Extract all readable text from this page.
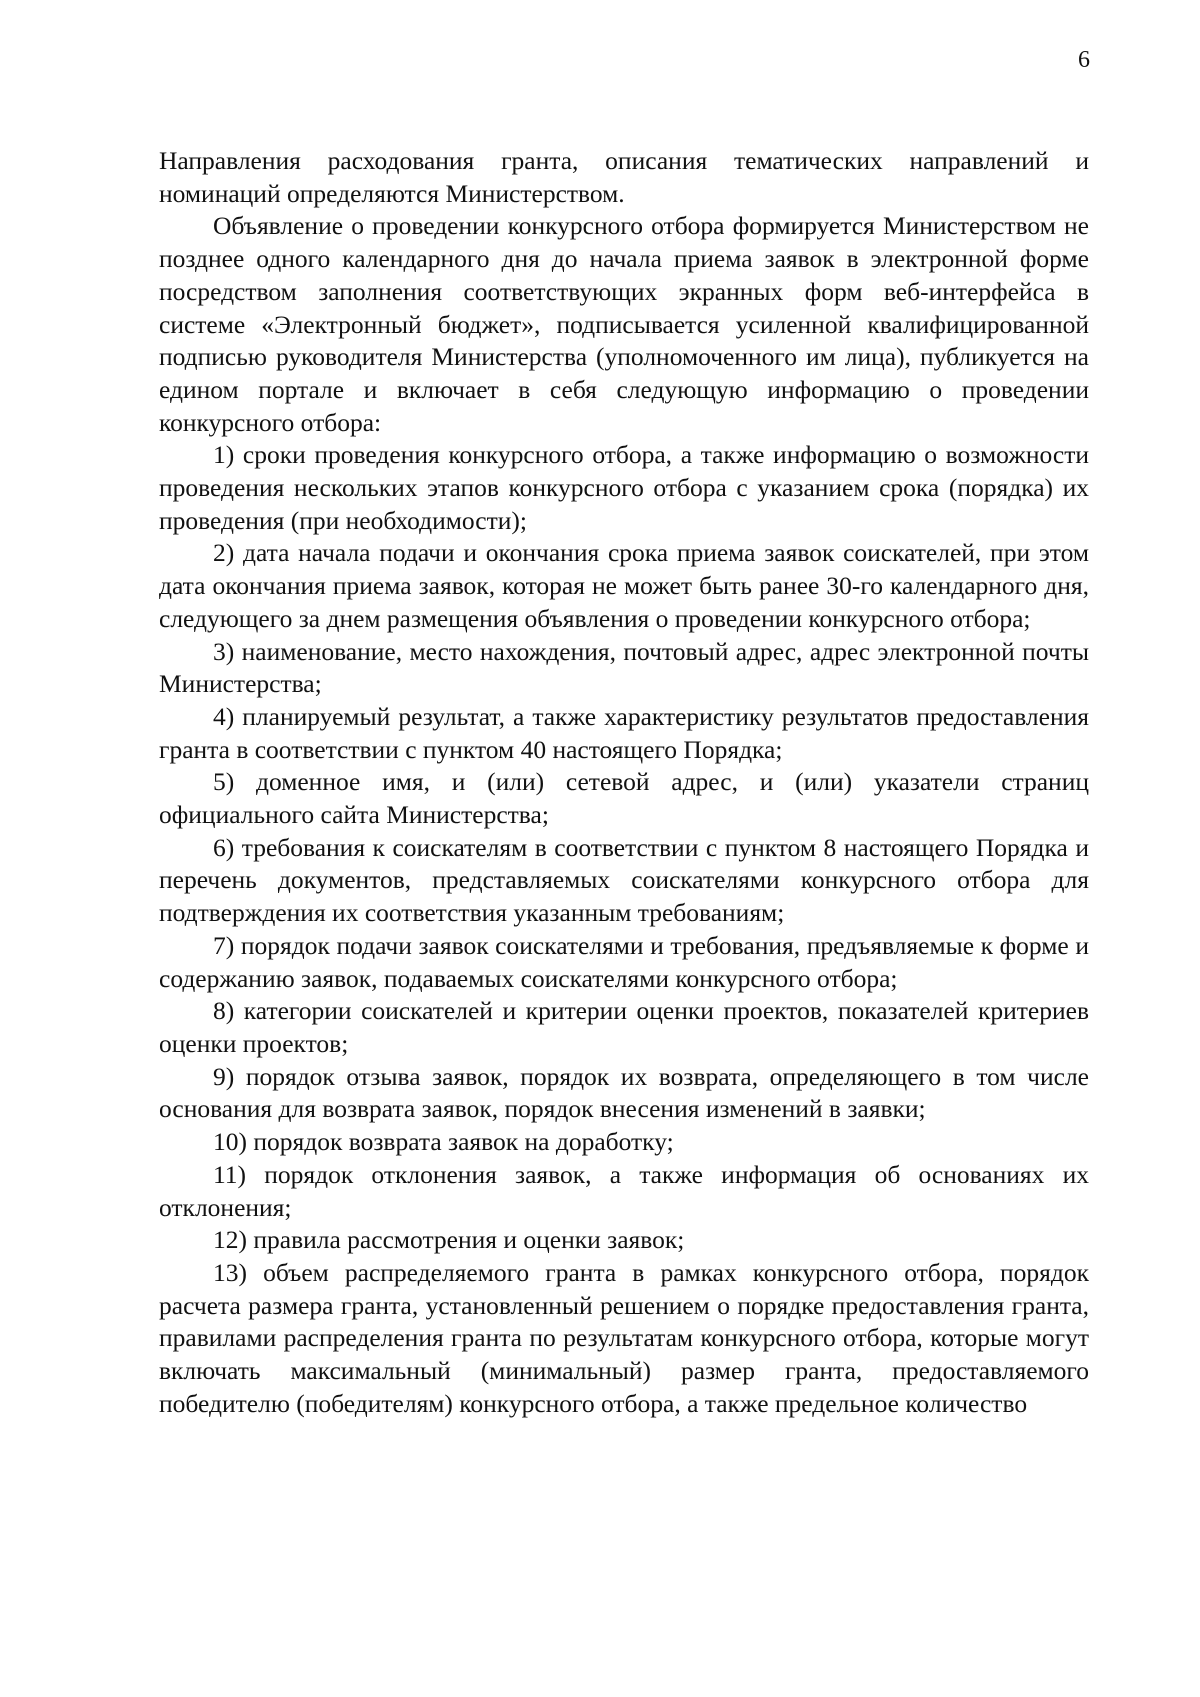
6

Направления расходования гранта, описания тематических направлений и номинаций определяются Министерством.

Объявление о проведении конкурсного отбора формируется Министерством не позднее одного календарного дня до начала приема заявок в электронной форме посредством заполнения соответствующих экранных форм веб-интерфейса в системе «Электронный бюджет», подписывается усиленной квалифицированной подписью руководителя Министерства (уполномоченного им лица), публикуется на едином портале и включает в себя следующую информацию о проведении конкурсного отбора:

1) сроки проведения конкурсного отбора, а также информацию о возможности проведения нескольких этапов конкурсного отбора с указанием срока (порядка) их проведения (при необходимости);

2) дата начала подачи и окончания срока приема заявок соискателей, при этом дата окончания приема заявок, которая не может быть ранее 30-го календарного дня, следующего за днем размещения объявления о проведении конкурсного отбора;

3) наименование, место нахождения, почтовый адрес, адрес электронной почты Министерства;

4) планируемый результат, а также характеристику результатов предоставления гранта в соответствии с пунктом 40 настоящего Порядка;

5) доменное имя, и (или) сетевой адрес, и (или) указатели страниц официального сайта Министерства;

6) требования к соискателям в соответствии с пунктом 8 настоящего Порядка и перечень документов, представляемых соискателями конкурсного отбора для подтверждения их соответствия указанным требованиям;

7) порядок подачи заявок соискателями и требования, предъявляемые к форме и содержанию заявок, подаваемых соискателями конкурсного отбора;

8) категории соискателей и критерии оценки проектов, показателей критериев оценки проектов;

9) порядок отзыва заявок, порядок их возврата, определяющего в том числе основания для возврата заявок, порядок внесения изменений в заявки;

10) порядок возврата заявок на доработку;

11) порядок отклонения заявок, а также информация об основаниях их отклонения;

12) правила рассмотрения и оценки заявок;

13) объем распределяемого гранта в рамках конкурсного отбора, порядок расчета размера гранта, установленный решением о порядке предоставления гранта, правилами распределения гранта по результатам конкурсного отбора, которые могут включать максимальный (минимальный) размер гранта, предоставляемого победителю (победителям) конкурсного отбора, а также предельное количество
